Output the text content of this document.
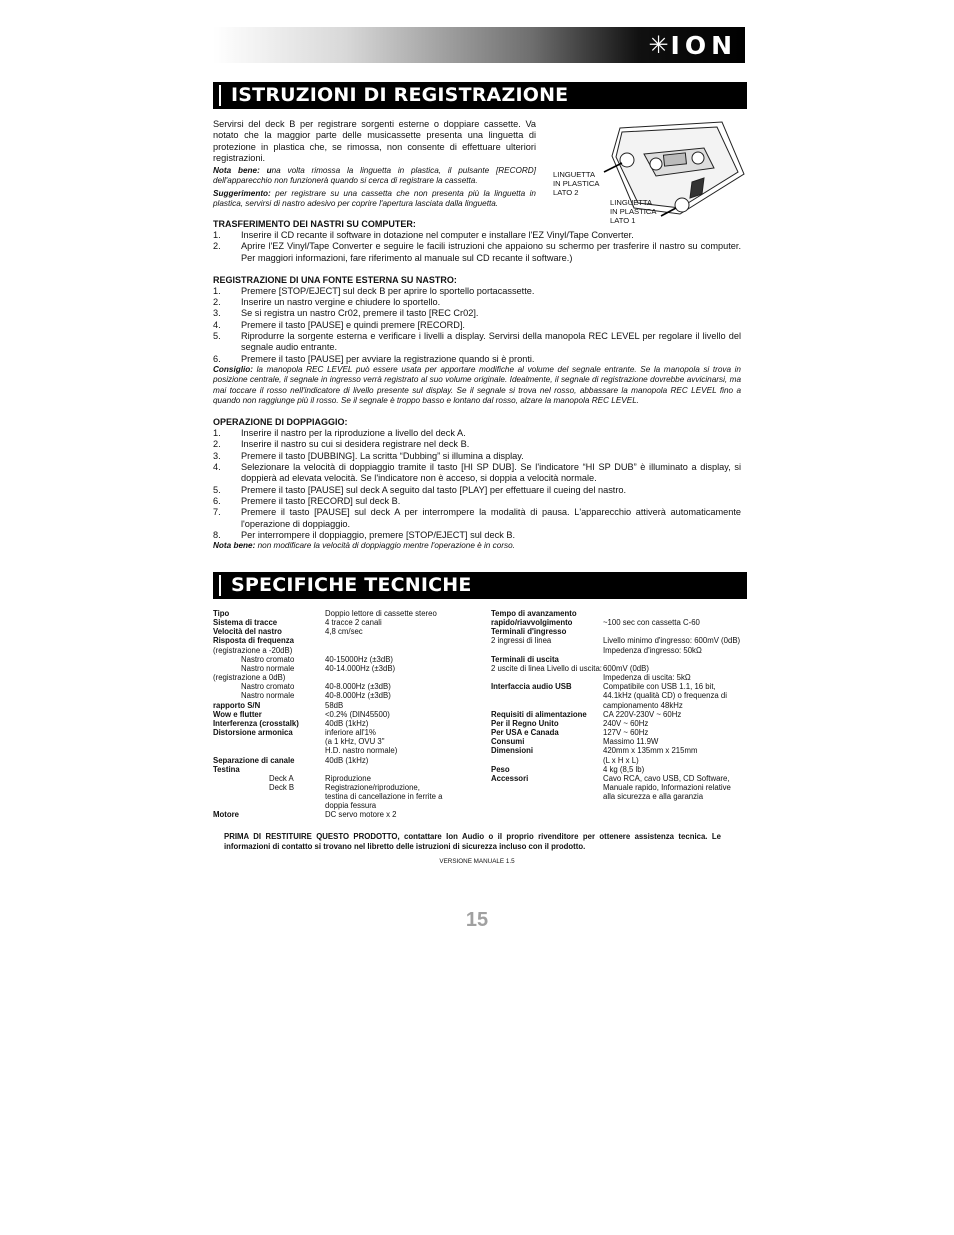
✳ ION
ISTRUZIONI DI REGISTRAZIONE

Servirsi del deck B per registrare sorgenti esterne o doppiare cassette. Va notato che la maggior parte delle musicassette presenta una linguetta di protezione in plastica che, se rimossa, non consente di effettuare ulteriori registrazioni.

Nota bene: una volta rimossa la linguetta in plastica, il pulsante [RECORD] dell'apparecchio non funzionerà quando si cerca di registrare la cassetta.

Suggerimento: per registrare su una cassetta che non presenta più la linguetta in plastica, servirsi di nastro adesivo per coprire l'apertura lasciata dalla linguetta.

LINGUETTA
IN PLASTICA
LATO 2
LINGUETTA
IN PLASTICA
LATO 1
TRASFERIMENTO DEI NASTRI SU COMPUTER:
1.	Inserire il CD recante il software in dotazione nel computer e installare l'EZ Vinyl/Tape Converter.
2.	Aprire l'EZ Vinyl/Tape Converter e seguire le facili istruzioni che appaiono su schermo per trasferire il nastro su computer. Per maggiori informazioni, fare riferimento al manuale sul CD recante il software.)
REGISTRAZIONE DI UNA FONTE ESTERNA SU NASTRO:
1.	Premere [STOP/EJECT] sul deck B per aprire lo sportello portacassette.
2.	Inserire un nastro vergine e chiudere lo sportello.
3.	Se si registra un nastro Cr02, premere il tasto [REC Cr02].
4.	Premere il tasto [PAUSE] e quindi premere [RECORD].
5.	Riprodurre la sorgente esterna e verificare i livelli a display. Servirsi della manopola REC LEVEL per regolare il livello del segnale audio entrante.
6.	Premere il tasto [PAUSE] per avviare la registrazione quando si è pronti.
Consiglio: la manopola REC LEVEL può essere usata per apportare modifiche al volume del segnale entrante. Se la manopola si trova in posizione centrale, il segnale in ingresso verrà registrato al suo volume originale. Idealmente, il segnale di registrazione dovrebbe avvicinarsi, ma mai toccare il rosso nell'indicatore di livello presente sul display. Se il segnale si trova nel rosso, abbassare la manopola REC LEVEL fino a quando non raggiunge più il rosso. Se il segnale è troppo basso e lontano dal rosso, alzare la manopola REC LEVEL.
OPERAZIONE DI DOPPIAGGIO:
1.	Inserire il nastro per la riproduzione a livello del deck A.
2.	Inserire il nastro su cui si desidera registrare nel deck B.
3.	Premere il tasto [DUBBING]. La scritta “Dubbing” si illumina a display.
4.	Selezionare la velocità di doppiaggio tramite il tasto [HI SP DUB]. Se l'indicatore “HI SP DUB” è illuminato a display, si doppierà ad elevata velocità. Se l'indicatore non è acceso, si doppia a velocità normale.
5.	Premere il tasto [PAUSE] sul deck A seguito dal tasto [PLAY] per effettuare il cueing del nastro.
6.	Premere il tasto [RECORD] sul deck B.
7.	Premere il tasto [PAUSE] sul deck A per interrompere la modalità di pausa. L'apparecchio attiverà automaticamente l'operazione di doppiaggio.
8.	Per interrompere il doppiaggio, premere [STOP/EJECT] sul deck B.
Nota bene: non modificare la velocità di doppiaggio mentre l'operazione è in corso.
SPECIFICHE TECNICHE
Tipo	Doppio lettore di cassette stereo
Sistema di tracce	4 tracce 2 canali
Velocità del nastro	4,8 cm/sec
Risposta di frequenza
(registrazione a -20dB)
Nastro cromato	40-15000Hz (±3dB)
Nastro normale	40-14.000Hz (±3dB)
(registrazione a 0dB)
Nastro cromato	40-8.000Hz (±3dB)
Nastro normale	40-8.000Hz (±3dB)
rapporto S/N	58dB
Wow e flutter	<0.2% (DIN45500)
Interferenza (crosstalk)	40dB (1kHz)
Distorsione armonica	inferiore all'1%
(a 1 kHz, OVU 3"
H.D. nastro normale)
Separazione di canale	40dB (1kHz)
Testina
Deck A	Riproduzione
Deck B	Registrazione/riproduzione,
testina di cancellazione in ferrite a
doppia fessura
Motore	DC servo motore x 2
Tempo di avanzamento
rapido/riavvolgimento	~100 sec con cassetta C-60
Terminali d'ingresso
2 ingressi di linea	Livello minimo d'ingresso: 600mV (0dB)
Impedenza d'ingresso: 50kΩ
Terminali di uscita
2 uscite di linea Livello di uscita: 600mV (0dB)
Impedenza di uscita: 5kΩ
Interfaccia audio USB	Compatibile con USB 1.1, 16 bit,
44.1kHz (qualità CD) o frequenza di
campionamento 48kHz
Requisiti di alimentazione	CA 220V-230V ~ 60Hz
Per il Regno Unito	240V ~ 60Hz
Per USA e Canada	127V ~ 60Hz
Consumi	Massimo 11.9W
Dimensioni	420mm x 135mm x 215mm
(L x H x L)
Peso	4 kg (8,5 lb)
Accessori	Cavo RCA, cavo USB, CD Software,
Manuale rapido, Informazioni relative
alla sicurezza e alla garanzia
PRIMA DI RESTITUIRE QUESTO PRODOTTO, contattare Ion Audio o il proprio rivenditore per ottenere assistenza tecnica. Le informazioni di contatto si trovano nel libretto delle istruzioni di sicurezza incluso con il prodotto.
VERSIONE MANUALE 1.5
15
